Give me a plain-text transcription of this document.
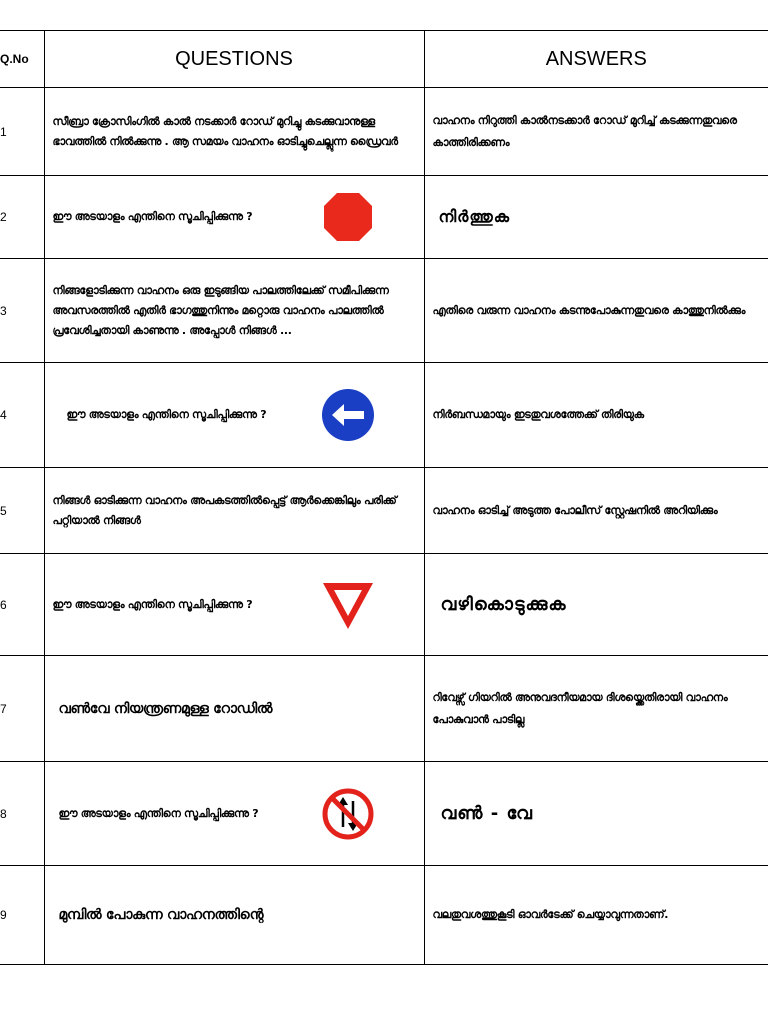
Q.No	QUESTIONS	ANSWERS
1	സീബ്രാ ക്രോസിംഗിൽ കാൽ നടക്കാർ റോഡ് മുറിച്ചു കടക്കുവാനുള്ള ഭാവത്തിൽ നിൽക്കുന്നു . ആ സമയം വാഹനം ഓടിച്ചുചെല്ലുന്ന ഡ്രൈവർ	വാഹനം നിറുത്തി കാൽനടക്കാർ റോഡ് മുറിച്ച് കടക്കുന്നതുവരെ കാത്തിരിക്കണം

2	ഈ അടയാളം എന്തിനെ സൂചിപ്പിക്കുന്നു ?	നിർത്തുക

3	നിങ്ങളോടിക്കുന്ന വാഹനം ഒരു ഇടുങ്ങിയ പാലത്തിലേക്ക് സമീപിക്കുന്ന അവസരത്തിൽ എതിർ ഭാഗത്തുനിന്നും മറ്റൊരു വാഹനം പാലത്തിൽ പ്രവേശിച്ചതായി കാണുന്നു . അപ്പോൾ നിങ്ങൾ ...	എതിരെ വരുന്ന വാഹനം കടന്നുപോകുന്നതുവരെ കാത്തുനിൽക്കും

4	ഈ അടയാളം എന്തിനെ സൂചിപ്പിക്കുന്നു ?	നിർബന്ധമായും ഇടതുവശത്തേക്ക് തിരിയുക

5	നിങ്ങൾ ഓടിക്കുന്ന വാഹനം അപകടത്തിൽപ്പെട്ട് ആർക്കെങ്കിലും പരിക്ക് പറ്റിയാൽ നിങ്ങൾ	വാഹനം ഓടിച്ച് അടുത്ത പോലീസ് സ്റ്റേഷനിൽ അറിയിക്കും

6	ഈ അടയാളം എന്തിനെ സൂചിപ്പിക്കുന്നു ?	വഴികൊടുക്കുക

7	വൺവേ നിയന്ത്രണമുള്ള റോഡിൽ	റിവേഴ്സ് ഗിയറിൽ അനുവദനീയമായ ദിശയ്ക്കെതിരായി വാഹനം പോകുവാൻ പാടില്ല

8	ഈ അടയാളം എന്തിനെ സൂചിപ്പിക്കുന്നു ?	വൺ - വേ

9	മുമ്പിൽ പോകുന്ന വാഹനത്തിന്റെ	വലതുവശത്തുകൂടി ഓവർടേക്ക് ചെയ്യാവുന്നതാണ്.
